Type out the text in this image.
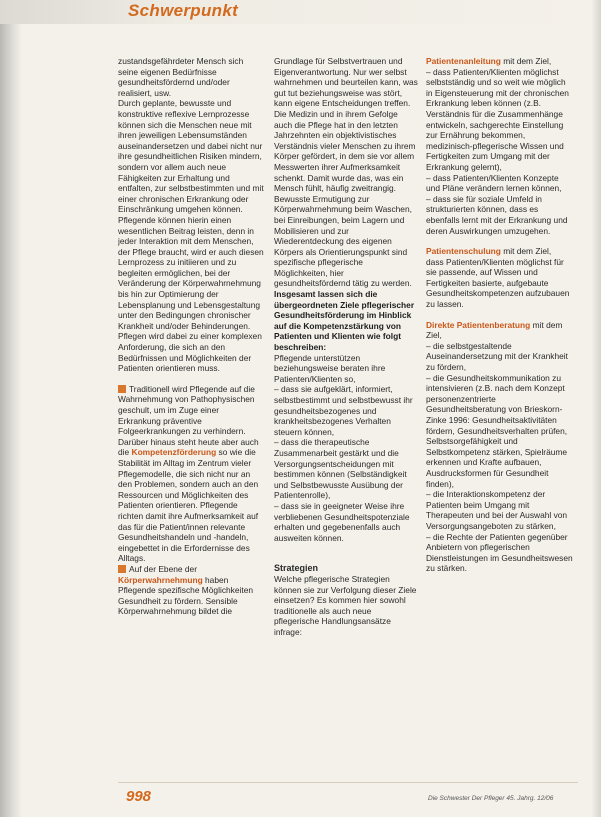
Schwerpunkt

zustandsgefährdeter Mensch sich seine eigenen Bedürfnisse gesundheitsfördernd und/oder realisiert, usw.

Durch geplante, bewusste und konstruktive reflexive Lernprozesse können sich die Menschen neue mit ihren jeweiligen Lebensumständen auseinandersetzen und dabei nicht nur ihre gesundheitlichen Risiken mindern, sondern vor allem auch neue Fähigkeiten zur Erhaltung und entfalten, zur selbstbestimmten und mit einer chronischen Erkrankung oder Einschränkung umgehen können.

Pflegende können hierin einen wesentlichen Beitrag leisten, denn in jeder Interaktion mit dem Menschen, der Pflege braucht, wird er auch diesen Lernprozess zu initiieren und zu begleiten ermöglichen, bei der Veränderung der Körperwahrnehmung bis hin zur Optimierung der Lebensplanung und Lebensgestaltung unter den Bedingungen chronischer Krankheit und/oder Behinderungen. Pflegen wird dabei zu einer komplexen Anforderung, die sich an den Bedürfnissen und Möglichkeiten der Patienten orientieren muss.

Traditionell wird Pflegende auf die Wahrnehmung von Pathophysischen geschult, um im Zuge einer Erkrankung präventive Folgeerkrankungen zu verhindern. Darüber hinaus steht heute aber auch die Kompetenzförderung so wie die Stabilität im Alltag im Zentrum vieler Pflegemodelle, die sich nicht nur an den Problemen, sondern auch an den Ressourcen und Möglichkeiten des Patienten orientieren. Pflegende richten damit ihre Aufmerksamkeit auf das für die Patient/innen relevante Gesundheitshandeln und -handeln, eingebettet in die Erfordernisse des Alltags.

Auf der Ebene der Körperwahrnehmung haben Pflegende spezifische Möglichkeiten Gesundheit zu fördern. Sensible Körperwahrnehmung bildet die

Grundlage für Selbstvertrauen und Eigenverantwortung. Nur wer selbst wahrnehmen und beurteilen kann, was gut tut beziehungsweise was stört, kann eigene Entscheidungen treffen.

Die Medizin und in ihrem Gefolge auch die Pflege hat in den letzten Jahrzehnten ein objektivistisches Verständnis vieler Menschen zu ihrem Körper gefördert, in dem sie vor allem Messwerten ihrer Aufmerksamkeit schenkt. Damit wurde das, was ein Mensch fühlt, häufig zweitrangig. Bewusste Ermutigung zur Körperwahrnehmung beim Waschen, bei Einreibungen, beim Lagern und Mobilisieren und zur Wiederentdeckung des eigenen Körpers als Orientierungspunkt sind spezifische pflegerische Möglichkeiten, hier gesundheitsfördernd tätig zu werden.

Insgesamt lassen sich die übergeordneten Ziele pflegerischer Gesundheitsförderung im Hinblick auf die Kompetenzstärkung von Patienten und Klienten wie folgt beschreiben:

Pflegende unterstützen beziehungsweise beraten ihre Patienten/Klienten so,

– dass sie aufgeklärt, informiert, selbstbestimmt und selbstbewusst ihr gesundheitsbezogenes und krankheitsbezogenes Verhalten steuern können,

– dass die therapeutische Zusammenarbeit gestärkt und die Versorgungsentscheidungen mit bestimmen können (Selbständigkeit und Selbstbewusste Ausübung der Patientenrolle),

– dass sie in geeigneter Weise ihre verbliebenen Gesundheitspotenziale erhalten und gegebenenfalls auch ausweiten können.

Strategien

Welche pflegerische Strategien können sie zur Verfolgung dieser Ziele einsetzen? Es kommen hier sowohl traditionelle als auch neue pflegerische Handlungsansätze infrage:

Patientenanleitung mit dem Ziel,

– dass Patienten/Klienten möglichst selbstständig und so weit wie möglich in Eigensteuerung mit der chronischen Erkrankung leben können (z.B. Verständnis für die Zusammenhänge entwickeln, sachgerechte Einstellung zur Ernährung bekommen, medizinisch-pflegerische Wissen und Fertigkeiten zum Umgang mit der Erkrankung gelernt),

– dass Patienten/Klienten Konzepte und Pläne verändern lernen können,

– dass sie für soziale Umfeld in strukturierten können, dass es ebenfalls lernt mit der Erkrankung und deren Auswirkungen umzugehen.

Patientenschulung mit dem Ziel,

dass Patienten/Klienten möglichst für sie passende, auf Wissen und Fertigkeiten basierte, aufgebaute Gesundheitskompetenzen aufzubauen zu lassen.

Direkte Patientenberatung mit dem Ziel,

– die selbstgestaltende Auseinandersetzung mit der Krankheit zu fördern,

– die Gesundheitskommunikation zu intensivieren (z.B. nach dem Konzept personenzentrierte Gesundheitsberatung von Brieskorn-Zinke 1996: Gesundheitsaktivitäten fördern, Gesundheitsverhalten prüfen, Selbstsorgefähigkeit und Selbstkompetenz stärken, Spielräume erkennen und Krafte aufbauen, Ausdrucksformen für Gesundheit finden),

– die Interaktionskompetenz der Patienten beim Umgang mit Therapeuten und bei der Auswahl von Versorgungsangeboten zu stärken,

– die Rechte der Patienten gegenüber Anbietern von pflegerischen Dienstleistungen im Gesundheitswesen zu stärken.

998	Die Schwester Der Pfleger 45. Jahrg. 12/06
